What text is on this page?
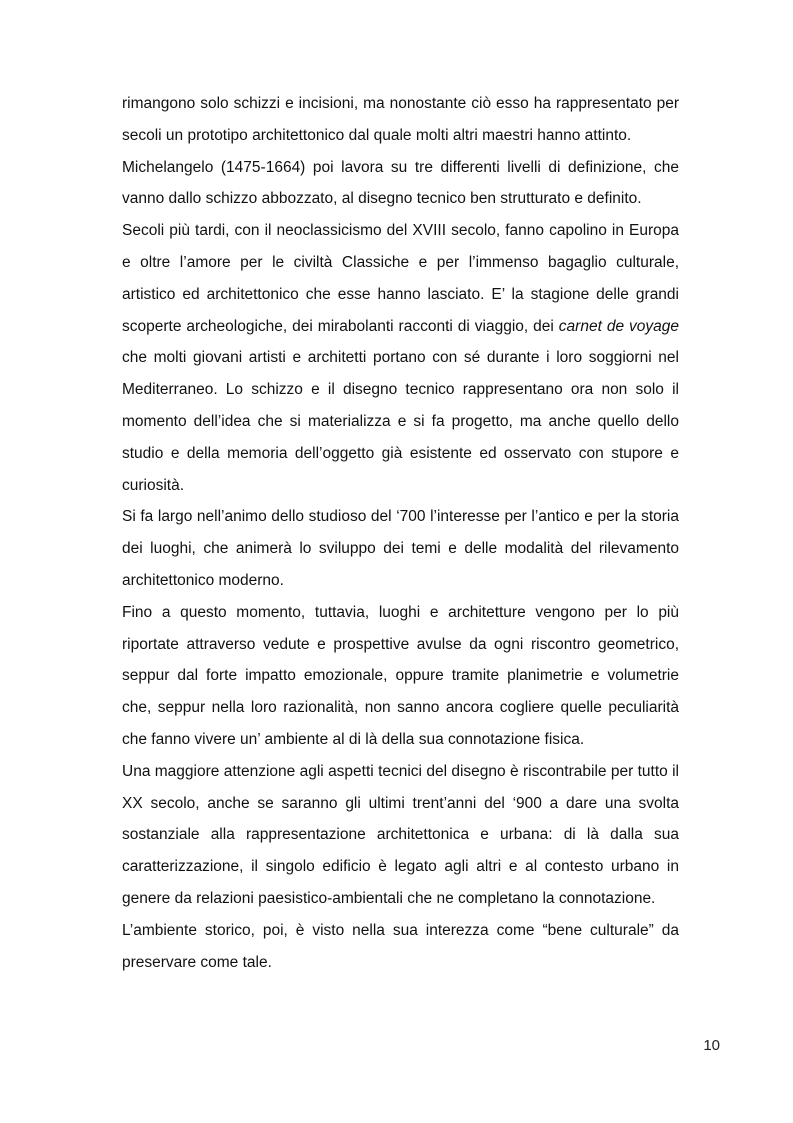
rimangono solo schizzi e incisioni, ma nonostante ciò esso ha rappresentato per secoli un prototipo architettonico dal quale molti altri maestri hanno attinto.

Michelangelo (1475-1664) poi lavora su tre differenti livelli di definizione, che vanno dallo schizzo abbozzato, al disegno tecnico ben strutturato e definito.

Secoli più tardi, con il neoclassicismo del XVIII secolo, fanno capolino in Europa e oltre l’amore per le civiltà Classiche e per l’immenso bagaglio culturale, artistico ed architettonico che esse hanno lasciato. E’ la stagione delle grandi scoperte archeologiche, dei mirabolanti racconti di viaggio, dei carnet de voyage che molti giovani artisti e architetti portano con sé durante i loro soggiorni nel Mediterraneo. Lo schizzo e il disegno tecnico rappresentano ora non solo il momento dell’idea che si materializza e si fa progetto, ma anche quello dello studio e della memoria dell’oggetto già esistente ed osservato con stupore e curiosità.

Si fa largo nell’animo dello studioso del ‘700 l’interesse per l’antico e per la storia dei luoghi, che animerà lo sviluppo dei temi e delle modalità del rilevamento architettonico moderno.

Fino a questo momento, tuttavia, luoghi e architetture vengono per lo più riportate attraverso vedute e prospettive avulse da ogni riscontro geometrico, seppur dal forte impatto emozionale, oppure tramite planimetrie e volumetrie che, seppur nella loro razionalità, non sanno ancora cogliere quelle peculiarità che fanno vivere un’ ambiente al di là della sua connotazione fisica.

Una maggiore attenzione agli aspetti tecnici del disegno è riscontrabile per tutto il XX secolo, anche se saranno gli ultimi trent’anni del ‘900 a dare una svolta sostanziale alla rappresentazione architettonica e urbana: di là dalla sua caratterizzazione, il singolo edificio è legato agli altri e al contesto urbano in genere da relazioni paesistico-ambientali che ne completano la connotazione.

L’ambiente storico, poi, è visto nella sua interezza come “bene culturale” da preservare come tale.

10
